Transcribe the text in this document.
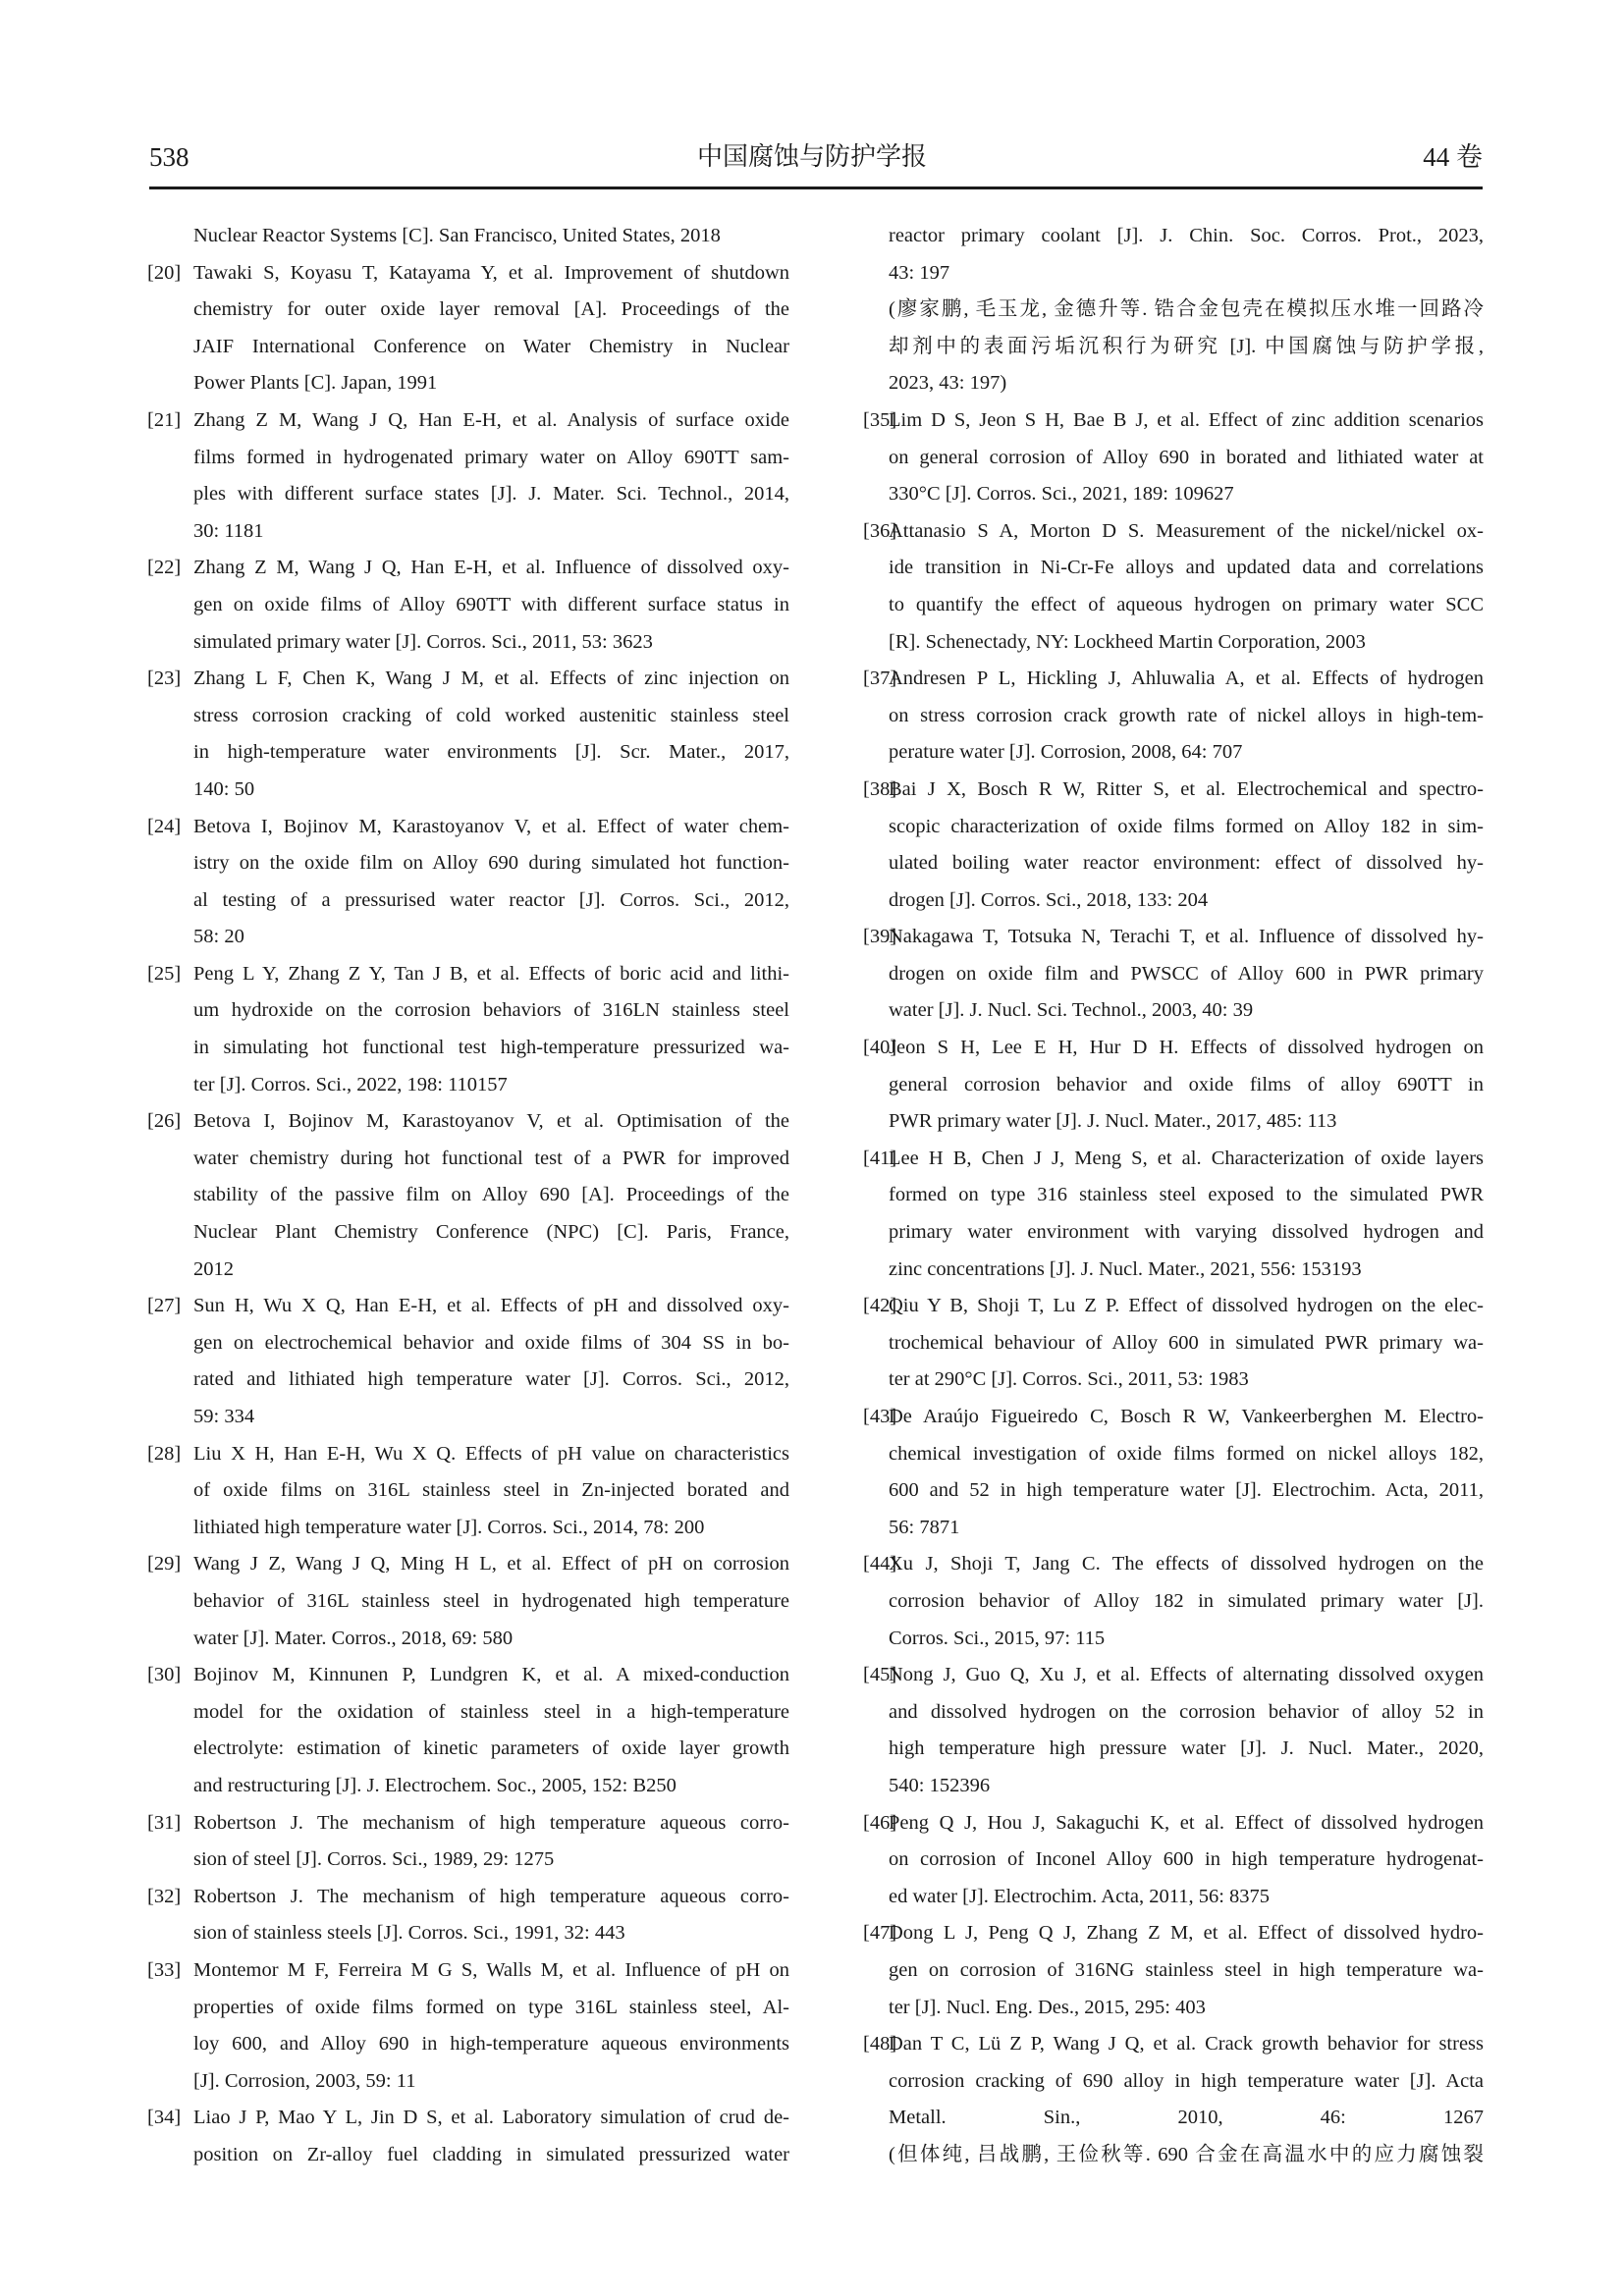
538	中国腐蚀与防护学报	44 卷
Nuclear Reactor Systems [C]. San Francisco, United States, 2018
[20] Tawaki S, Koyasu T, Katayama Y, et al. Improvement of shutdown
chemistry for outer oxide layer removal [A]. Proceedings of the
JAIF International Conference on Water Chemistry in Nuclear
Power Plants [C]. Japan, 1991
[21] Zhang Z M, Wang J Q, Han E-H, et al. Analysis of surface oxide
films formed in hydrogenated primary water on Alloy 690TT sam-
ples with different surface states [J]. J. Mater. Sci. Technol., 2014,
30: 1181
[22] Zhang Z M, Wang J Q, Han E-H, et al. Influence of dissolved oxy-
gen on oxide films of Alloy 690TT with different surface status in
simulated primary water [J]. Corros. Sci., 2011, 53: 3623
[23] Zhang L F, Chen K, Wang J M, et al. Effects of zinc injection on
stress corrosion cracking of cold worked austenitic stainless steel
in high-temperature water environments [J]. Scr. Mater., 2017,
140: 50
[24] Betova I, Bojinov M, Karastoyanov V, et al. Effect of water chem-
istry on the oxide film on Alloy 690 during simulated hot function-
al testing of a pressurised water reactor [J]. Corros. Sci., 2012,
58: 20
[25] Peng L Y, Zhang Z Y, Tan J B, et al. Effects of boric acid and lithi-
um hydroxide on the corrosion behaviors of 316LN stainless steel
in simulating hot functional test high-temperature pressurized wa-
ter [J]. Corros. Sci., 2022, 198: 110157
[26] Betova I, Bojinov M, Karastoyanov V, et al. Optimisation of the
water chemistry during hot functional test of a PWR for improved
stability of the passive film on Alloy 690 [A]. Proceedings of the
Nuclear Plant Chemistry Conference (NPC) [C]. Paris, France,
2012
[27] Sun H, Wu X Q, Han E-H, et al. Effects of pH and dissolved oxy-
gen on electrochemical behavior and oxide films of 304 SS in bo-
rated and lithiated high temperature water [J]. Corros. Sci., 2012,
59: 334
[28] Liu X H, Han E-H, Wu X Q. Effects of pH value on characteristics
of oxide films on 316L stainless steel in Zn-injected borated and
lithiated high temperature water [J]. Corros. Sci., 2014, 78: 200
[29] Wang J Z, Wang J Q, Ming H L, et al. Effect of pH on corrosion
behavior of 316L stainless steel in hydrogenated high temperature
water [J]. Mater. Corros., 2018, 69: 580
[30] Bojinov M, Kinnunen P, Lundgren K, et al. A mixed-conduction
model for the oxidation of stainless steel in a high-temperature
electrolyte: estimation of kinetic parameters of oxide layer growth
and restructuring [J]. J. Electrochem. Soc., 2005, 152: B250
[31] Robertson J. The mechanism of high temperature aqueous corro-
sion of steel [J]. Corros. Sci., 1989, 29: 1275
[32] Robertson J. The mechanism of high temperature aqueous corro-
sion of stainless steels [J]. Corros. Sci., 1991, 32: 443
[33] Montemor M F, Ferreira M G S, Walls M, et al. Influence of pH on
properties of oxide films formed on type 316L stainless steel, Al-
loy 600, and Alloy 690 in high-temperature aqueous environments
[J]. Corrosion, 2003, 59: 11
[34] Liao J P, Mao Y L, Jin D S, et al. Laboratory simulation of crud de-
position on Zr-alloy fuel cladding in simulated pressurized water
reactor primary coolant [J]. J. Chin. Soc. Corros. Prot., 2023,
43: 197
(廖家鹏, 毛玉龙, 金德升等. 锆合金包壳在模拟压水堆一回路冷
却剂中的表面污垢沉积行为研究 [J]. 中国腐蚀与防护学报,
2023, 43: 197)
[35]
Lim D S, Jeon S H, Bae B J, et al. Effect of zinc addition scenarios
on general corrosion of Alloy 690 in borated and lithiated water at
330°C [J]. Corros. Sci., 2021, 189: 109627
[36]
Attanasio S A, Morton D S. Measurement of the nickel/nickel ox-
ide transition in Ni-Cr-Fe alloys and updated data and correlations
to quantify the effect of aqueous hydrogen on primary water SCC
[R]. Schenectady, NY: Lockheed Martin Corporation, 2003
[37]
Andresen P L, Hickling J, Ahluwalia A, et al. Effects of hydrogen
on stress corrosion crack growth rate of nickel alloys in high-tem-
perature water [J]. Corrosion, 2008, 64: 707
[38]
Bai J X, Bosch R W, Ritter S, et al. Electrochemical and spectro-
scopic characterization of oxide films formed on Alloy 182 in sim-
ulated boiling water reactor environment: effect of dissolved hy-
drogen [J]. Corros. Sci., 2018, 133: 204
[39]
Nakagawa T, Totsuka N, Terachi T, et al. Influence of dissolved hy-
drogen on oxide film and PWSCC of Alloy 600 in PWR primary
water [J]. J. Nucl. Sci. Technol., 2003, 40: 39
[40]
Jeon S H, Lee E H, Hur D H. Effects of dissolved hydrogen on
general corrosion behavior and oxide films of alloy 690TT in
PWR primary water [J]. J. Nucl. Mater., 2017, 485: 113
[41]
Lee H B, Chen J J, Meng S, et al. Characterization of oxide layers
formed on type 316 stainless steel exposed to the simulated PWR
primary water environment with varying dissolved hydrogen and
zinc concentrations [J]. J. Nucl. Mater., 2021, 556: 153193
[42]
Qiu Y B, Shoji T, Lu Z P. Effect of dissolved hydrogen on the elec-
trochemical behaviour of Alloy 600 in simulated PWR primary wa-
ter at 290°C [J]. Corros. Sci., 2011, 53: 1983
[43]
De Araújo Figueiredo C, Bosch R W, Vankeerberghen M. Electro-
chemical investigation of oxide films formed on nickel alloys 182,
600 and 52 in high temperature water [J]. Electrochim. Acta, 2011,
56: 7871
[44]
Xu J, Shoji T, Jang C. The effects of dissolved hydrogen on the
corrosion behavior of Alloy 182 in simulated primary water [J].
Corros. Sci., 2015, 97: 115
[45]
Nong J, Guo Q, Xu J, et al. Effects of alternating dissolved oxygen
and dissolved hydrogen on the corrosion behavior of alloy 52 in
high temperature high pressure water [J]. J. Nucl. Mater., 2020,
540: 152396
[46]
Peng Q J, Hou J, Sakaguchi K, et al. Effect of dissolved hydrogen
on corrosion of Inconel Alloy 600 in high temperature hydrogenat-
ed water [J]. Electrochim. Acta, 2011, 56: 8375
[47]
Dong L J, Peng Q J, Zhang Z M, et al. Effect of dissolved hydro-
gen on corrosion of 316NG stainless steel in high temperature wa-
ter [J]. Nucl. Eng. Des., 2015, 295: 403
[48]
Dan T C, Lü Z P, Wang J Q, et al. Crack growth behavior for stress
corrosion cracking of 690 alloy in high temperature water [J]. Acta
Metall. Sin., 2010, 46: 1267
(但体纯, 吕战鹏, 王俭秋等. 690 合金在高温水中的应力腐蚀裂
